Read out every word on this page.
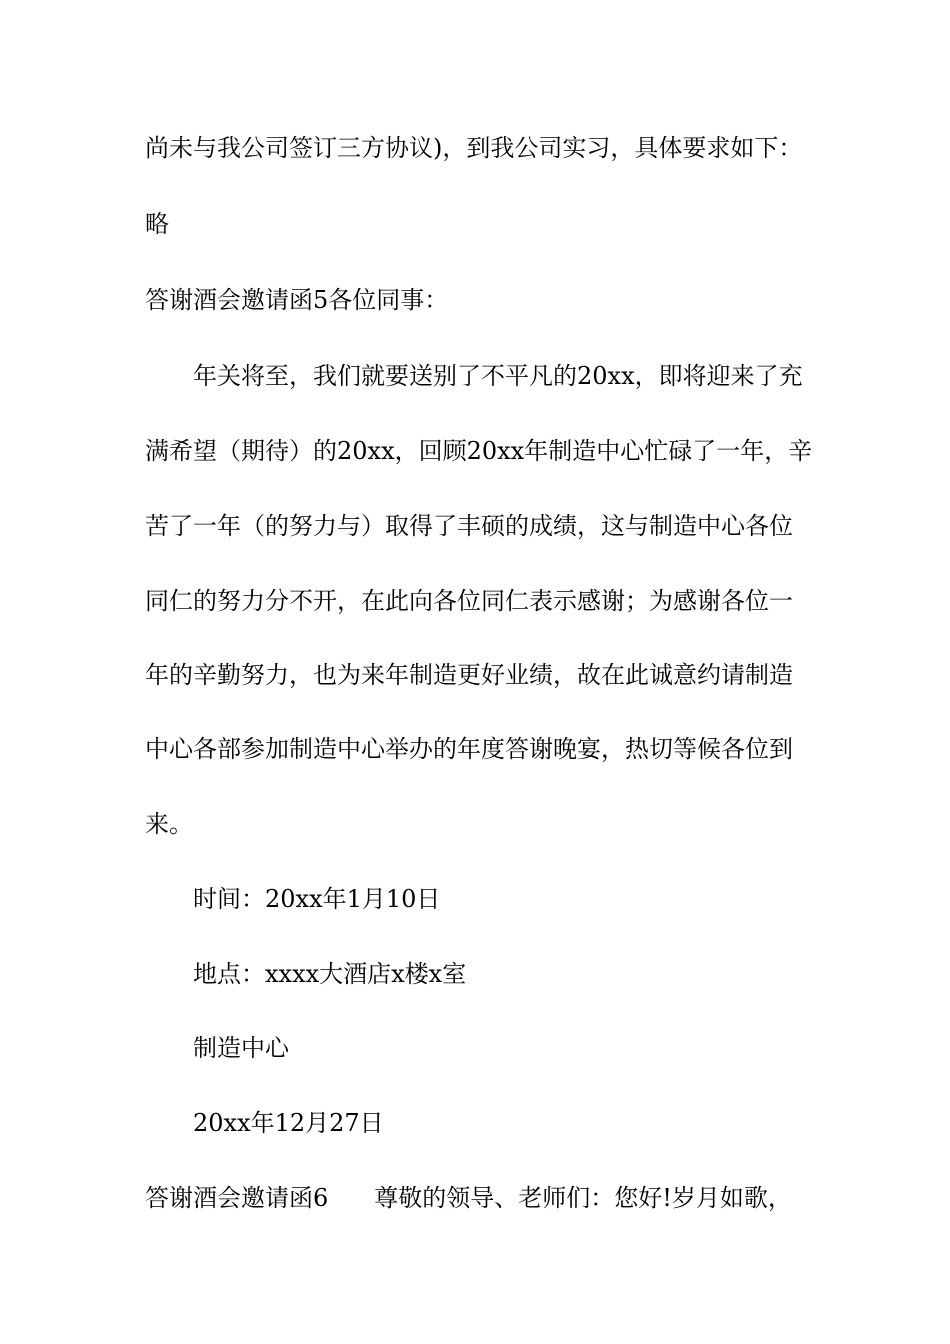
尚未与我公司签订三方协议)，到我公司实习，具体要求如下：
略
答谢酒会邀请函5各位同事：
年关将至，我们就要送别了不平凡的20xx，即将迎来了充
满希望（期待）的20xx，回顾20xx年制造中心忙碌了一年，辛
苦了一年（的努力与）取得了丰硕的成绩，这与制造中心各位
同仁的努力分不开，在此向各位同仁表示感谢；为感谢各位一
年的辛勤努力，也为来年制造更好业绩，故在此诚意约请制造
中心各部参加制造中心举办的年度答谢晚宴，热切等候各位到
来。
时间：20xx年1月10日
地点：xxxx大酒店x楼x室
制造中心
20xx年12月27日
答谢酒会邀请函6 尊敬的领导、老师们：您好!岁月如歌，
